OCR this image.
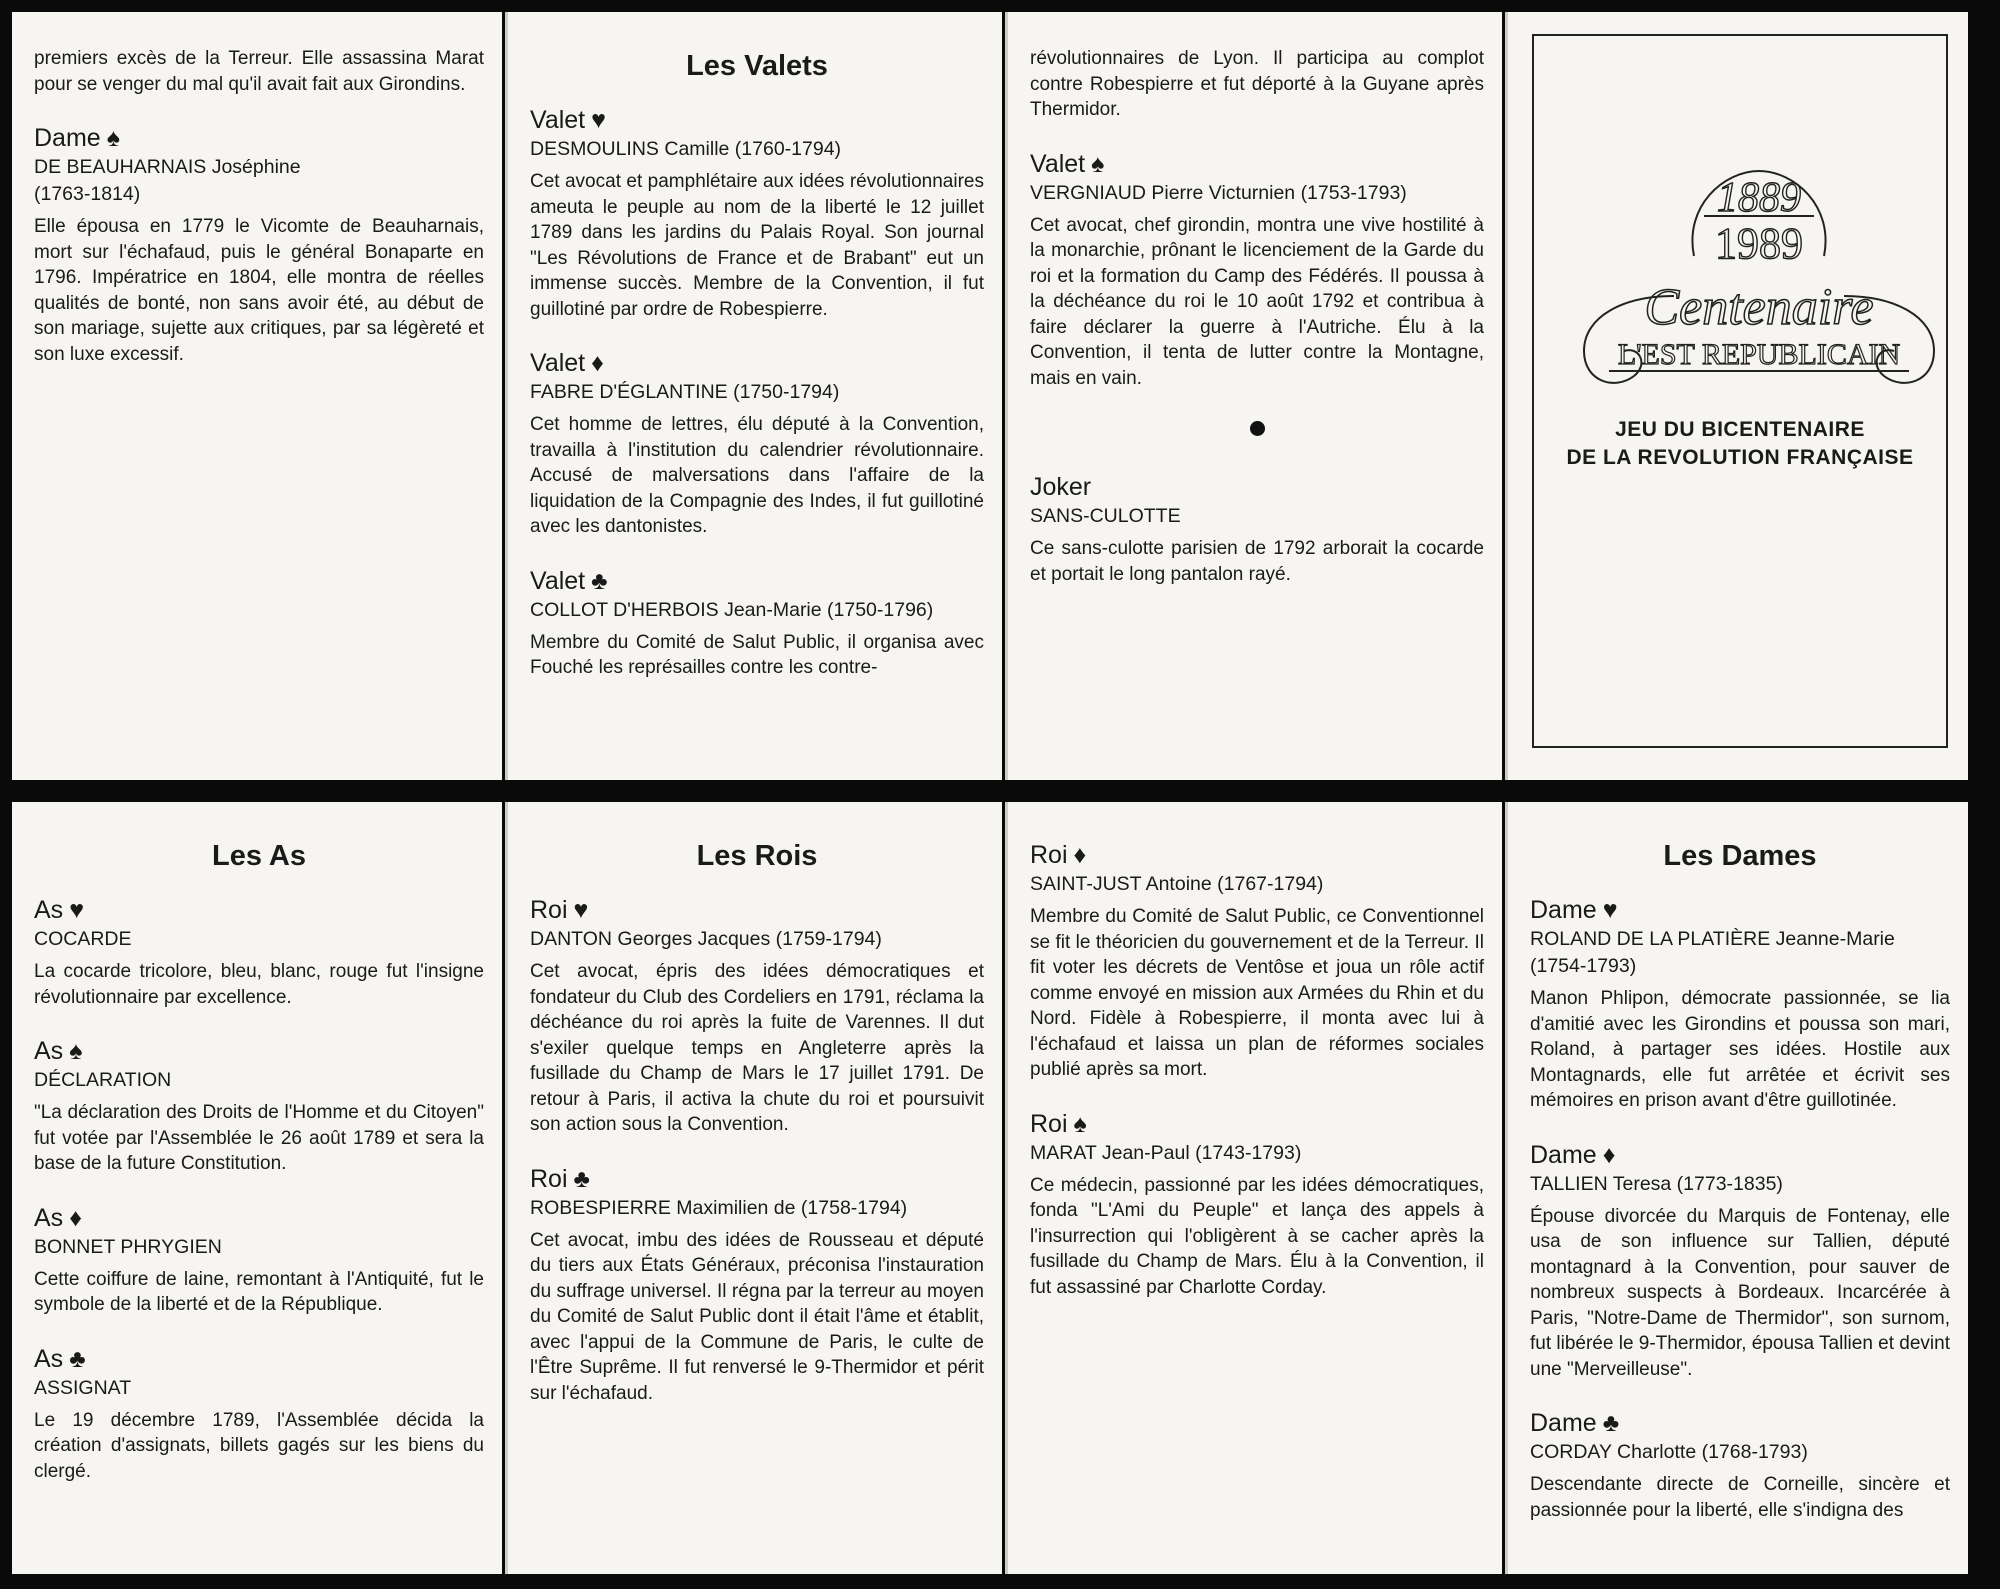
premiers excès de la Terreur. Elle assassina Marat pour se venger du mal qu'il avait fait aux Girondins.

Dame ♠

DE BEAUHARNAIS Joséphine

(1763-1814)

Elle épousa en 1779 le Vicomte de Beauharnais, mort sur l'échafaud, puis le général Bonaparte en 1796. Impératrice en 1804, elle montra de réelles qualités de bonté, non sans avoir été, au début de son mariage, sujette aux critiques, par sa légèreté et son luxe excessif.

Les Valets

Valet ♥

DESMOULINS Camille (1760-1794)

Cet avocat et pamphlétaire aux idées révolutionnaires ameuta le peuple au nom de la liberté le 12 juillet 1789 dans les jardins du Palais Royal. Son journal "Les Révolutions de France et de Brabant" eut un immense succès. Membre de la Convention, il fut guillotiné par ordre de Robespierre.

Valet ♦

FABRE D'ÉGLANTINE (1750-1794)

Cet homme de lettres, élu député à la Convention, travailla à l'institution du calendrier révolutionnaire. Accusé de malversations dans l'affaire de la liquidation de la Compagnie des Indes, il fut guillotiné avec les dantonistes.

Valet ♣

COLLOT D'HERBOIS Jean-Marie (1750-1796)

Membre du Comité de Salut Public, il organisa avec Fouché les représailles contre les contre-

révolutionnaires de Lyon. Il participa au complot contre Robespierre et fut déporté à la Guyane après Thermidor.

Valet ♠

VERGNIAUD Pierre Victurnien (1753-1793)

Cet avocat, chef girondin, montra une vive hostilité à la monarchie, prônant le licenciement de la Garde du roi et la formation du Camp des Fédérés. Il poussa à la déchéance du roi le 10 août 1792 et contribua à faire déclarer la guerre à l'Autriche. Élu à la Convention, il tenta de lutter contre la Montagne, mais en vain.

Joker

SANS-CULOTTE

Ce sans-culotte parisien de 1792 arborait la cocarde et portait le long pantalon rayé.

1889
1989
Centenaire
L'EST REPUBLICAIN
JEU DU BICENTENAIRE
DE LA REVOLUTION FRANÇAISE
Les As

As ♥

COCARDE

La cocarde tricolore, bleu, blanc, rouge fut l'insigne révolutionnaire par excellence.

As ♠

DÉCLARATION

"La déclaration des Droits de l'Homme et du Citoyen" fut votée par l'Assemblée le 26 août 1789 et sera la base de la future Constitution.

As ♦

BONNET PHRYGIEN

Cette coiffure de laine, remontant à l'Antiquité, fut le symbole de la liberté et de la République.

As ♣

ASSIGNAT

Le 19 décembre 1789, l'Assemblée décida la création d'assignats, billets gagés sur les biens du clergé.

Les Rois

Roi ♥

DANTON Georges Jacques (1759-1794)

Cet avocat, épris des idées démocratiques et fondateur du Club des Cordeliers en 1791, réclama la déchéance du roi après la fuite de Varennes. Il dut s'exiler quelque temps en Angleterre après la fusillade du Champ de Mars le 17 juillet 1791. De retour à Paris, il activa la chute du roi et poursuivit son action sous la Convention.

Roi ♣

ROBESPIERRE Maximilien de (1758-1794)

Cet avocat, imbu des idées de Rousseau et député du tiers aux États Généraux, préconisa l'instauration du suffrage universel. Il régna par la terreur au moyen du Comité de Salut Public dont il était l'âme et établit, avec l'appui de la Commune de Paris, le culte de l'Être Suprême. Il fut renversé le 9-Thermidor et périt sur l'échafaud.

Roi ♦

SAINT-JUST Antoine (1767-1794)

Membre du Comité de Salut Public, ce Conventionnel se fit le théoricien du gouvernement et de la Terreur. Il fit voter les décrets de Ventôse et joua un rôle actif comme envoyé en mission aux Armées du Rhin et du Nord. Fidèle à Robespierre, il monta avec lui à l'échafaud et laissa un plan de réformes sociales publié après sa mort.

Roi ♠

MARAT Jean-Paul (1743-1793)

Ce médecin, passionné par les idées démocratiques, fonda "L'Ami du Peuple" et lança des appels à l'insurrection qui l'obligèrent à se cacher après la fusillade du Champ de Mars. Élu à la Convention, il fut assassiné par Charlotte Corday.

Les Dames

Dame ♥

ROLAND DE LA PLATIÈRE Jeanne-Marie

(1754-1793)

Manon Phlipon, démocrate passionnée, se lia d'amitié avec les Girondins et poussa son mari, Roland, à partager ses idées. Hostile aux Montagnards, elle fut arrêtée et écrivit ses mémoires en prison avant d'être guillotinée.

Dame ♦

TALLIEN Teresa (1773-1835)

Épouse divorcée du Marquis de Fontenay, elle usa de son influence sur Tallien, député montagnard à la Convention, pour sauver de nombreux suspects à Bordeaux. Incarcérée à Paris, "Notre-Dame de Thermidor", son surnom, fut libérée le 9-Thermidor, épousa Tallien et devint une "Merveilleuse".

Dame ♣

CORDAY Charlotte (1768-1793)

Descendante directe de Corneille, sincère et passionnée pour la liberté, elle s'indigna des
